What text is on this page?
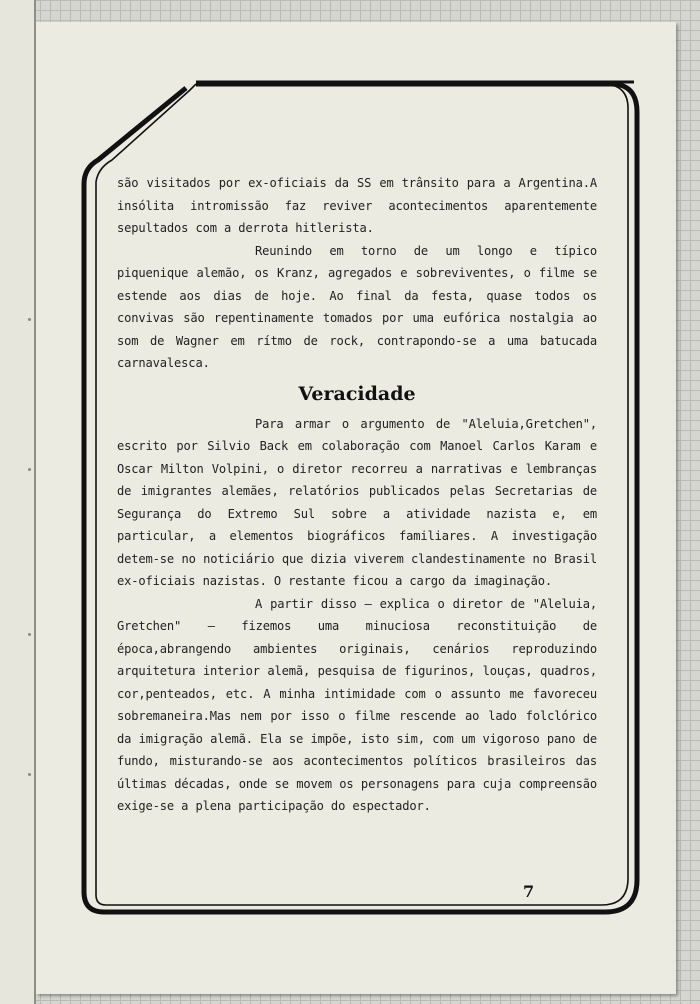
são visitados por ex-oficiais da SS em trânsito para a Argentina.A insólita intromissão faz reviver acontecimentos aparentemente sepultados com a derrota hitlerista.

Reunindo em torno de um longo e típico piquenique alemão, os Kranz, agregados e sobreviventes, o filme se estende aos dias de hoje. Ao final da festa, quase todos os convivas são repentinamente tomados por uma eufórica nostalgia ao som de Wagner em rítmo de rock, contrapondo-se a uma batucada carnavalesca.

Veracidade

Para armar o argumento de "Aleluia,Gretchen", escrito por Silvio Back em colaboração com Manoel Carlos Karam e Oscar Milton Volpini, o diretor recorreu a narrativas e lembranças de imigrantes alemães, relatórios publicados pelas Secretarias de Segurança do Extremo Sul sobre a atividade nazista e, em particular, a elementos biográficos familiares. A investigação detem-se no noticiário que dizia viverem clandestinamente no Brasil ex-oficiais nazistas. O restante ficou a cargo da imaginação.

A partir disso — explica o diretor de "Aleluia, Gretchen" — fizemos uma minuciosa reconstituição de época,abrangendo ambientes originais, cenários reproduzindo arquitetura interior alemã, pesquisa de figurinos, louças, quadros, cor,penteados, etc. A minha intimidade com o assunto me favoreceu sobremaneira.Mas nem por isso o filme rescende ao lado folclórico da imigração alemã. Ela se impõe, isto sim, com um vigoroso pano de fundo, misturando-se aos acontecimentos políticos brasileiros das últimas décadas, onde se movem os personagens para cuja compreensão exige-se a plena participação do espectador.

7
